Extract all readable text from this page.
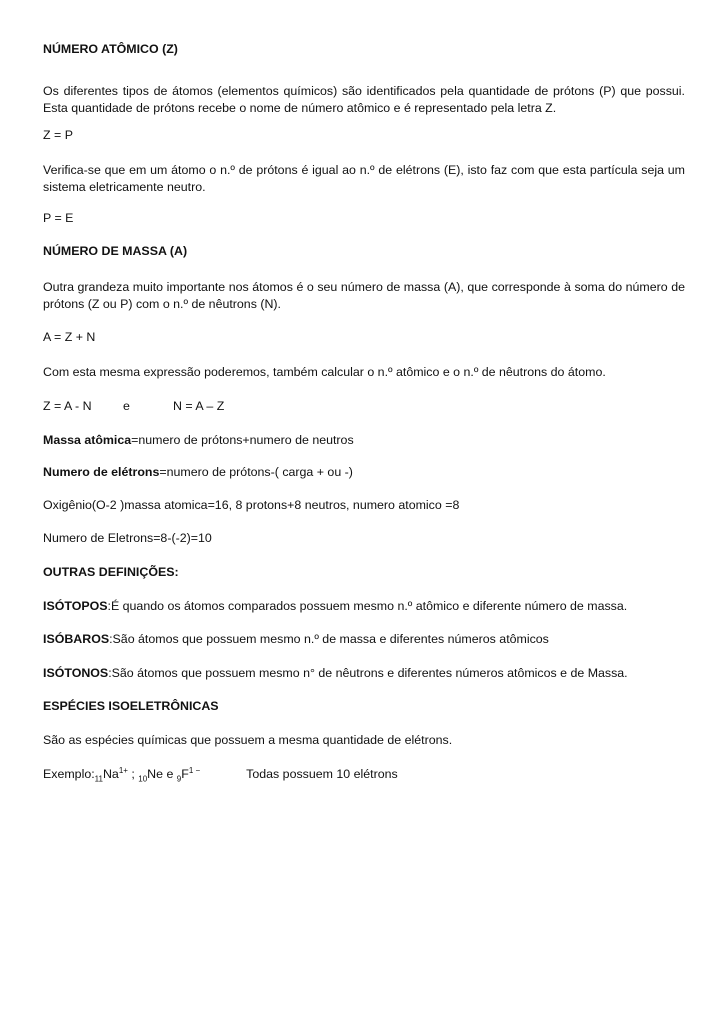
NÚMERO ATÔMICO (Z)
Os diferentes tipos de átomos (elementos químicos) são identificados pela quantidade de prótons (P) que possui.
Esta quantidade de prótons recebe o nome de número atômico e é representado pela letra Z.
Z = P
Verifica-se que em um átomo o n.º de prótons é igual ao n.º de elétrons (E), isto faz com que esta partícula seja um
sistema eletricamente neutro.
P = E
NÚMERO DE MASSA (A)
Outra grandeza muito importante nos átomos é o seu número de massa (A), que corresponde à soma do número de
prótons (Z ou P) com o n.º de nêutrons (N).
A = Z + N
Com esta mesma expressão poderemos, também calcular o n.º atômico e o n.º de nêutrons do átomo.
Z = A - N	e	N = A – Z
Massa atômica=numero de prótons+numero de neutros
Numero de elétrons=numero de prótons-( carga + ou -)
Oxigênio(O-2 )massa atomica=16, 8 protons+8 neutros, numero atomico =8
Numero de Eletrons=8-(-2)=10
OUTRAS DEFINIÇÕES:
ISÓTOPOS:É quando os átomos comparados possuem mesmo n.º atômico e diferente número de massa.
ISÓBAROS:São átomos que possuem mesmo n.º de massa e diferentes números atômicos
ISÓTONOS:São átomos que possuem mesmo n° de nêutrons e diferentes números atômicos e de Massa.
ESPÉCIES ISOELETRÔNICAS
São as espécies químicas que possuem a mesma quantidade de elétrons.
$Exemplo:_{11}Na^{1+}$ ; $_{10}$Ne e $_9F^{1 -}$	Todas possuem 10 elétrons
